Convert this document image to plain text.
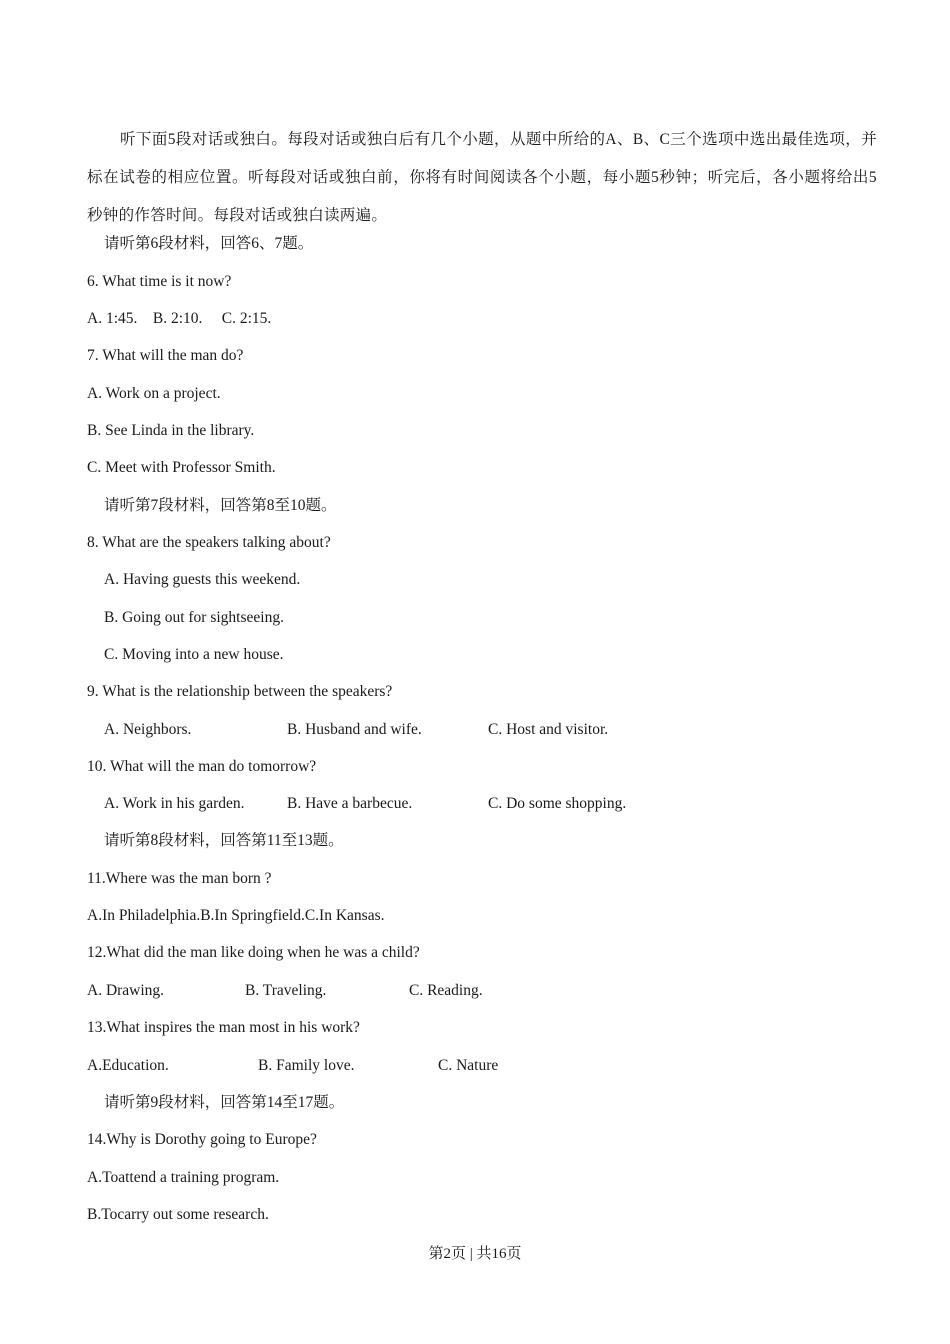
听下面5段对话或独白。每段对话或独白后有几个小题，从题中所给的A、B、C三个选项中选出最佳选项，并标在试卷的相应位置。听每段对话或独白前，你将有时间阅读各个小题，每小题5秒钟；听完后，各小题将给出5秒钟的作答时间。每段对话或独白读两遍。
请听第6段材料，回答6、7题。
6. What time is it now?
A. 1:45.    B. 2:10.     C. 2:15.
7. What will the man do?
A. Work on a project.
B. See Linda in the library.
C. Meet with Professor Smith.
请听第7段材料，回答第8至10题。
8. What are the speakers talking about?
A. Having guests this weekend.
B. Going out for sightseeing.
C. Moving into a new house.
9. What is the relationship between the speakers?
A. Neighbors.	B. Husband and wife.	C. Host and visitor.
10. What will the man do tomorrow?
A. Work in his garden.	B. Have a barbecue.	C. Do some shopping.
请听第8段材料，回答第11至13题。
11.Where was the man born ?
A.In Philadelphia.B.In Springfield.C.In Kansas.
12.What did the man like doing when he was a child?
A. Drawing.	B. Traveling.	C. Reading.
13.What inspires the man most in his work?
A.Education.	B. Family love.	C. Nature
请听第9段材料，回答第14至17题。
14.Why is Dorothy going to Europe?
A.Toattend a training program.
B.Tocarry out some research.
第2页 | 共16页
